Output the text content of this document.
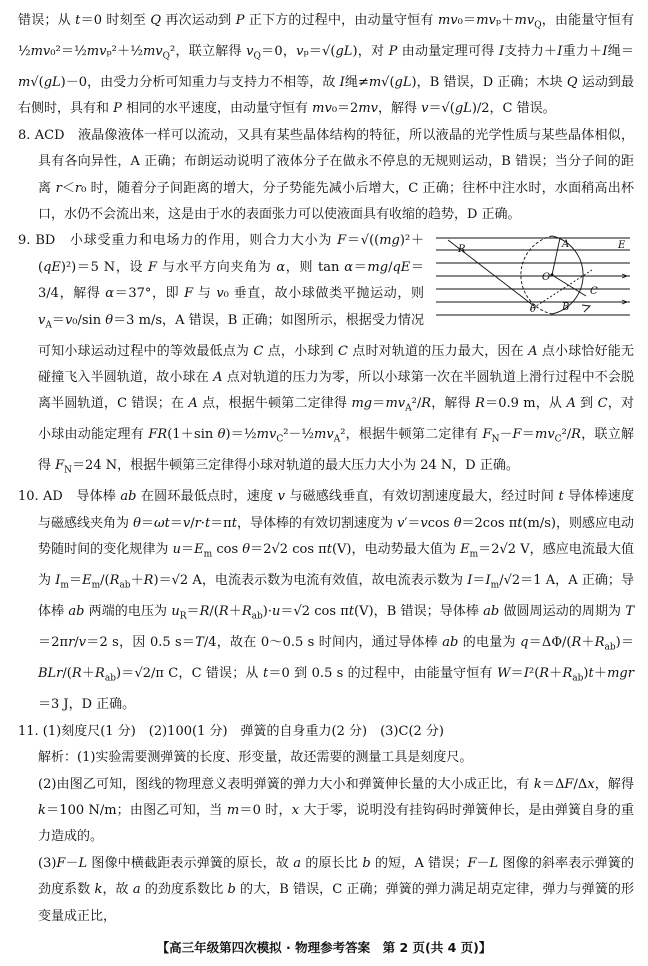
错误；从 t＝0 时刻至 Q 再次运动到 P 正下方的过程中，由动量守恒有 $mv_0=mv_p+mv_Q$，由能量守恒有 $\frac{1}{2}mv_0^2=\frac{1}{2}mv_p^2+\frac{1}{2}mv_Q^2$，联立解得 $v_Q=0$，vₚ＝√(gL)，对 P 由动量定理可得 I支持力＋I重力＋I绳＝m√(gL)－0，由受力分析可知重力与支持力不相等，故 I绳≠m√(gL)，B 错误，D 正确；木块 Q 运动到最右侧时，具有和 P 相同的水平速度，由动量守恒有 mv₀＝2mv，解得 v＝√(gL)/2，C 错误。

8. ACD　液晶像液体一样可以流动，又具有某些晶体结构的特征，所以液晶的光学性质与某些晶体相似，具有各向异性，A 正确；布朗运动说明了液体分子在做永不停息的无规则运动，B 错误；当分子间的距离 r＜r₀ 时，随着分子间距离的增大，分子势能先减小后增大，C 正确；往杯中注水时，水面稍高出杯口，水仍不会流出来，这是由于水的表面张力可以使液面具有收缩的趋势，D 正确。

A
O
C
B
E
θ
R
9. BD　小球受重力和电场力的作用，则合力大小为 F＝√((mg)²＋(qE)²)＝5 N，设 F 与水平方向夹角为 α，则 tan α＝mg/qE＝3/4，解得 α＝37°，即 F 与 v₀ 垂直，故小球做类平抛运动，则 $v_A=v_0/\sin$ θ＝3 m/s，A 错误，B 正确；如图所示，根据受力情况可知小球运动过程中的等效最低点为 C 点，小球到 C 点时对轨道的压力最大，因在 A 点小球恰好能无碰撞飞入半圆轨道，故小球在 A 点对轨道的压力为零，所以小球第一次在半圆轨道上滑行过程中不会脱离半圆轨道，C 错误；在 A 点，根据牛顿第二定律得 $mg=mv_A^2/R$，解得 R＝0.9 m，从 A 到 C，对小球由动能定理有 FR(1＋sin $\theta)=\frac{1}{2}mv_C^2-\frac{1}{2}mv_A^2$，根据牛顿第二定律有 $F_N-F=mv_C^2/R$，联立解得 $F_N=24$ N，根据牛顿第三定律得小球对轨道的最大压力大小为 24 N，D 正确。

10. AD　导体棒 ab 在圆环最低点时，速度 v 与磁感线垂直，有效切割速度最大，经过时间 t 导体棒速度与磁感线夹角为 θ＝ωt＝v/r·t＝πt，导体棒的有效切割速度为 v′＝vcos θ＝2cos πt(m/s)，则感应电动势随时间的变化规律为 $u=E_m$ cos θ＝2√2 cos πt(V)，电动势最大值为 $E_m=2√2$ V，感应电流最大值为 $I_m=E_m/(R_{ab}+R)=√2$ A，电流表示数为电流有效值，故电流表示数为 $I=I_m/√2=1$ A，A 正确；导体棒 ab 两端的电压为 $u_R=R/(R+R_{ab})\cdot u=√2$ cos πt(V)，B 错误；导体棒 ab 做圆周运动的周期为 T＝2πr/v＝2 s，因 0.5 s＝T/4，故在 0～0.5 s 时间内，通过导体棒 ab 的电量为 $q=\Delta\Phi/(R+R_{ab})=BLr/(R+R_{ab})=√2/\pi$ C，C 错误；从 t＝0 到 0.5 s 的过程中，由能量守恒有 $W=I^2(R+R_{ab})t+mgr=3$ J，D 正确。

11. (1)刻度尺(1 分)　(2)100(1 分)　弹簧的自身重力(2 分)　(3)C(2 分)

解析：(1)实验需要测弹簧的长度、形变量，故还需要的测量工具是刻度尺。

(2)由图乙可知，图线的物理意义表明弹簧的弹力大小和弹簧伸长量的大小成正比，有 k＝ΔF/Δx，解得 k＝100 N/m；由图乙可知，当 m＝0 时，x 大于零，说明没有挂钩码时弹簧伸长，是由弹簧自身的重力造成的。

(3)F－L 图像中横截距表示弹簧的原长，故 a 的原长比 b 的短，A 错误；F－L 图像的斜率表示弹簧的劲度系数 k，故 a 的劲度系数比 b 的大，B 错误，C 正确；弹簧的弹力满足胡克定律，弹力与弹簧的形变量成正比，

【高三年级第四次模拟 · 物理参考答案　第 2 页(共 4 页)】
